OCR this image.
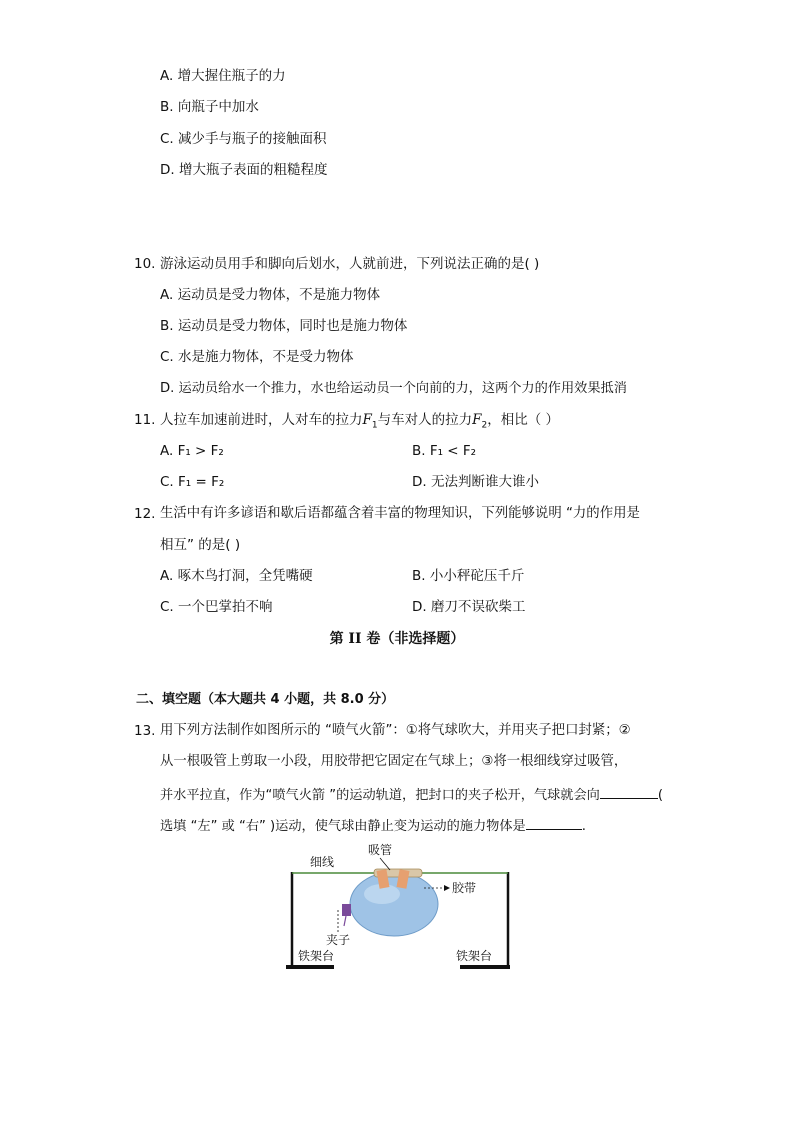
A. 增大握住瓶子的力
B. 向瓶子中加水
C. 减少手与瓶子的接触面积
D. 增大瓶子表面的粗糙程度
10. 游泳运动员用手和脚向后划水，人就前进，下列说法正确的是( )
A. 运动员是受力物体，不是施力物体
B. 运动员是受力物体，同时也是施力物体
C. 水是施力物体，不是受力物体
D. 运动员给水一个推力，水也给运动员一个向前的力，这两个力的作用效果抵消
11. 人拉车加速前进时，人对车的拉力$F_1$与车对人的拉力$F_2$，相比（ ）
A. F₁ > F₂	B. F₁ < F₂
C. F₁ = F₂	D. 无法判断谁大谁小
12. 生活中有许多谚语和歇后语都蕴含着丰富的物理知识，下列能够说明 “力的作用是
相互” 的是( )
A. 啄木鸟打洞，全凭嘴硬	B. 小小秤砣压千斤
C. 一个巴掌拍不响	D. 磨刀不误砍柴工
第 II 卷（非选择题）
二、填空题（本大题共 4 小题，共 8.0 分）
13. 用下列方法制作如图所示的 “喷气火箭”：①将气球吹大，并用夹子把口封紧；②
从一根吸管上剪取一小段，用胶带把它固定在气球上；③将一根细线穿过吸管，
并水平拉直，作为“喷气火箭 ”的运动轨道，把封口的夹子松开，气球就会向	(
选填 “左” 或 “右” )运动，使气球由静止变为运动的施力物体是	.
吸管
细线
胶带
夹子
铁架台	铁架台
